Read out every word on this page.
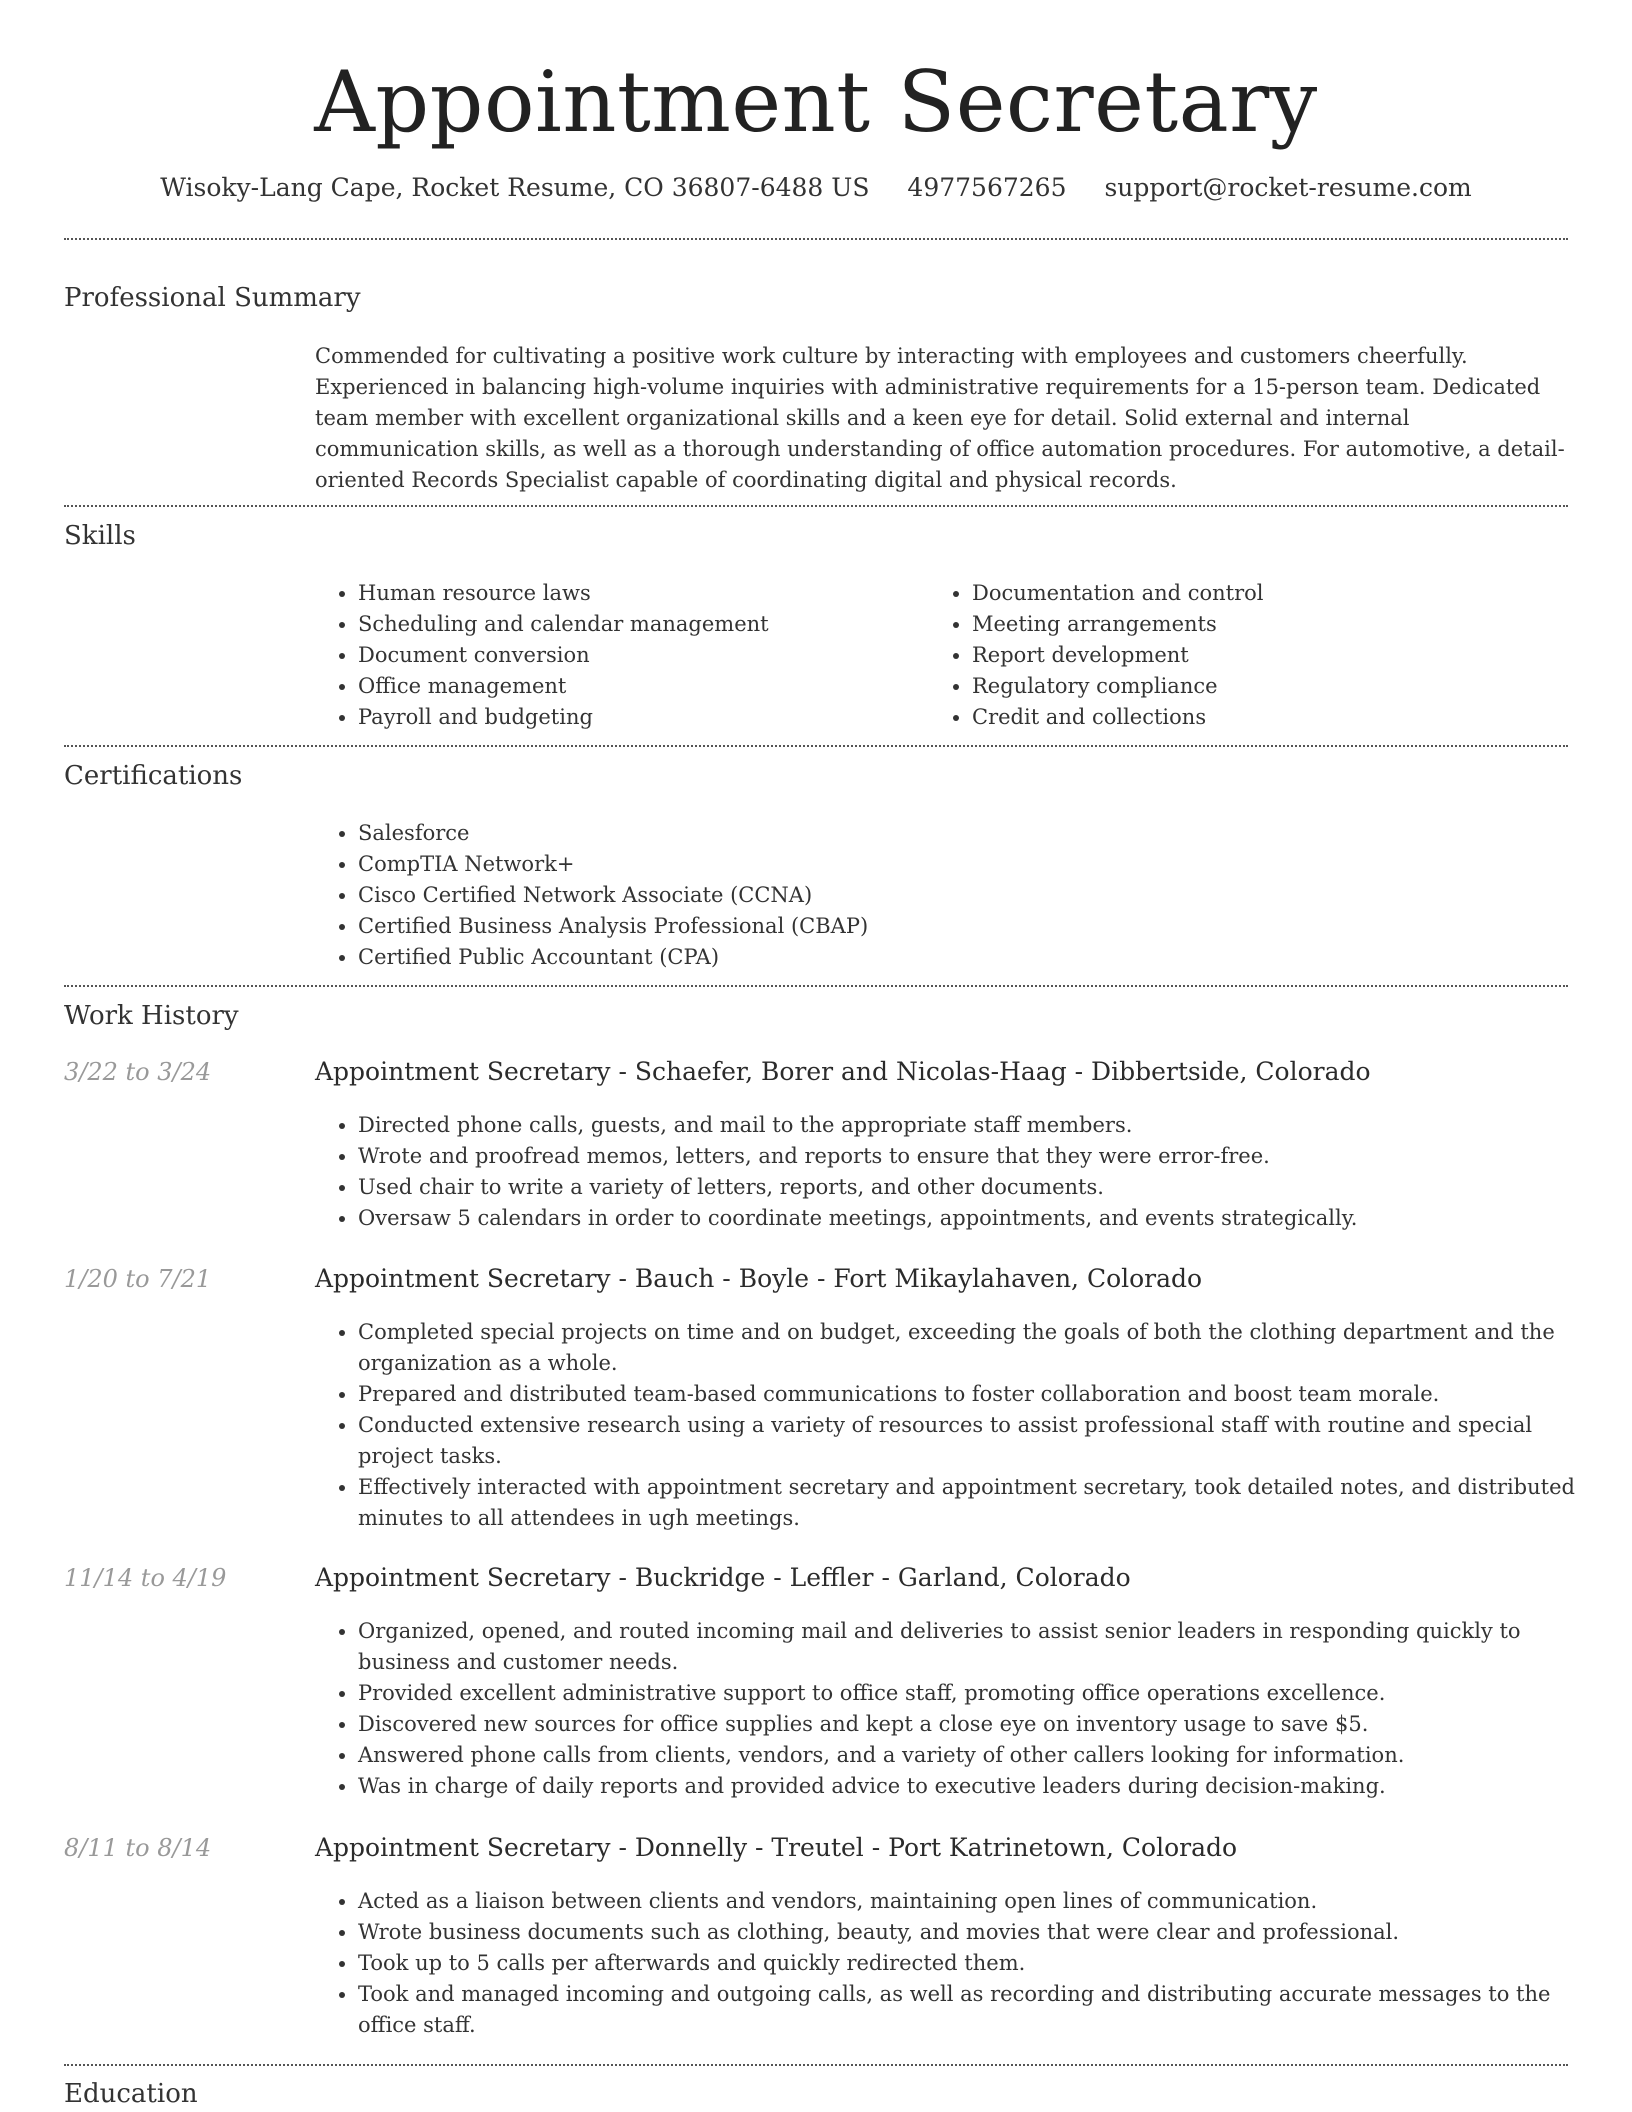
Appointment Secretary
Wisoky-Lang Cape, Rocket Resume, CO 36807-6488 US 4977567265 support@rocket-resume.com
Professional Summary

Commended for cultivating a positive work culture by interacting with employees and customers cheerfully. Experienced in balancing high-volume inquiries with administrative requirements for a 15-person team. Dedicated team member with excellent organizational skills and a keen eye for detail. Solid external and internal communication skills, as well as a thorough understanding of office automation procedures. For automotive, a detail-oriented Records Specialist capable of coordinating digital and physical records.

Skills
• Human resource laws
• Scheduling and calendar management
• Document conversion
• Office management
• Payroll and budgeting
• Documentation and control
• Meeting arrangements
• Report development
• Regulatory compliance
• Credit and collections
Certifications
• Salesforce
• CompTIA Network+
• Cisco Certified Network Associate (CCNA)
• Certified Business Analysis Professional (CBAP)
• Certified Public Accountant (CPA)
Work History
3/22 to 3/24	Appointment Secretary - Schaefer, Borer and Nicolas-Haag - Dibbertside, Colorado
• Directed phone calls, guests, and mail to the appropriate staff members.
• Wrote and proofread memos, letters, and reports to ensure that they were error-free.
• Used chair to write a variety of letters, reports, and other documents.
• Oversaw 5 calendars in order to coordinate meetings, appointments, and events strategically.
1/20 to 7/21	Appointment Secretary - Bauch - Boyle - Fort Mikaylahaven, Colorado
• Completed special projects on time and on budget, exceeding the goals of both the clothing department and the organization as a whole.
• Prepared and distributed team-based communications to foster collaboration and boost team morale.
• Conducted extensive research using a variety of resources to assist professional staff with routine and special project tasks.
• Effectively interacted with appointment secretary and appointment secretary, took detailed notes, and distributed minutes to all attendees in ugh meetings.
11/14 to 4/19	Appointment Secretary - Buckridge - Leffler - Garland, Colorado
• Organized, opened, and routed incoming mail and deliveries to assist senior leaders in responding quickly to business and customer needs.
• Provided excellent administrative support to office staff, promoting office operations excellence.
• Discovered new sources for office supplies and kept a close eye on inventory usage to save $5.
• Answered phone calls from clients, vendors, and a variety of other callers looking for information.
• Was in charge of daily reports and provided advice to executive leaders during decision-making.
8/11 to 8/14	Appointment Secretary - Donnelly - Treutel - Port Katrinetown, Colorado
• Acted as a liaison between clients and vendors, maintaining open lines of communication.
• Wrote business documents such as clothing, beauty, and movies that were clear and professional.
• Took up to 5 calls per afterwards and quickly redirected them.
• Took and managed incoming and outgoing calls, as well as recording and distributing accurate messages to the office staff.
Education
